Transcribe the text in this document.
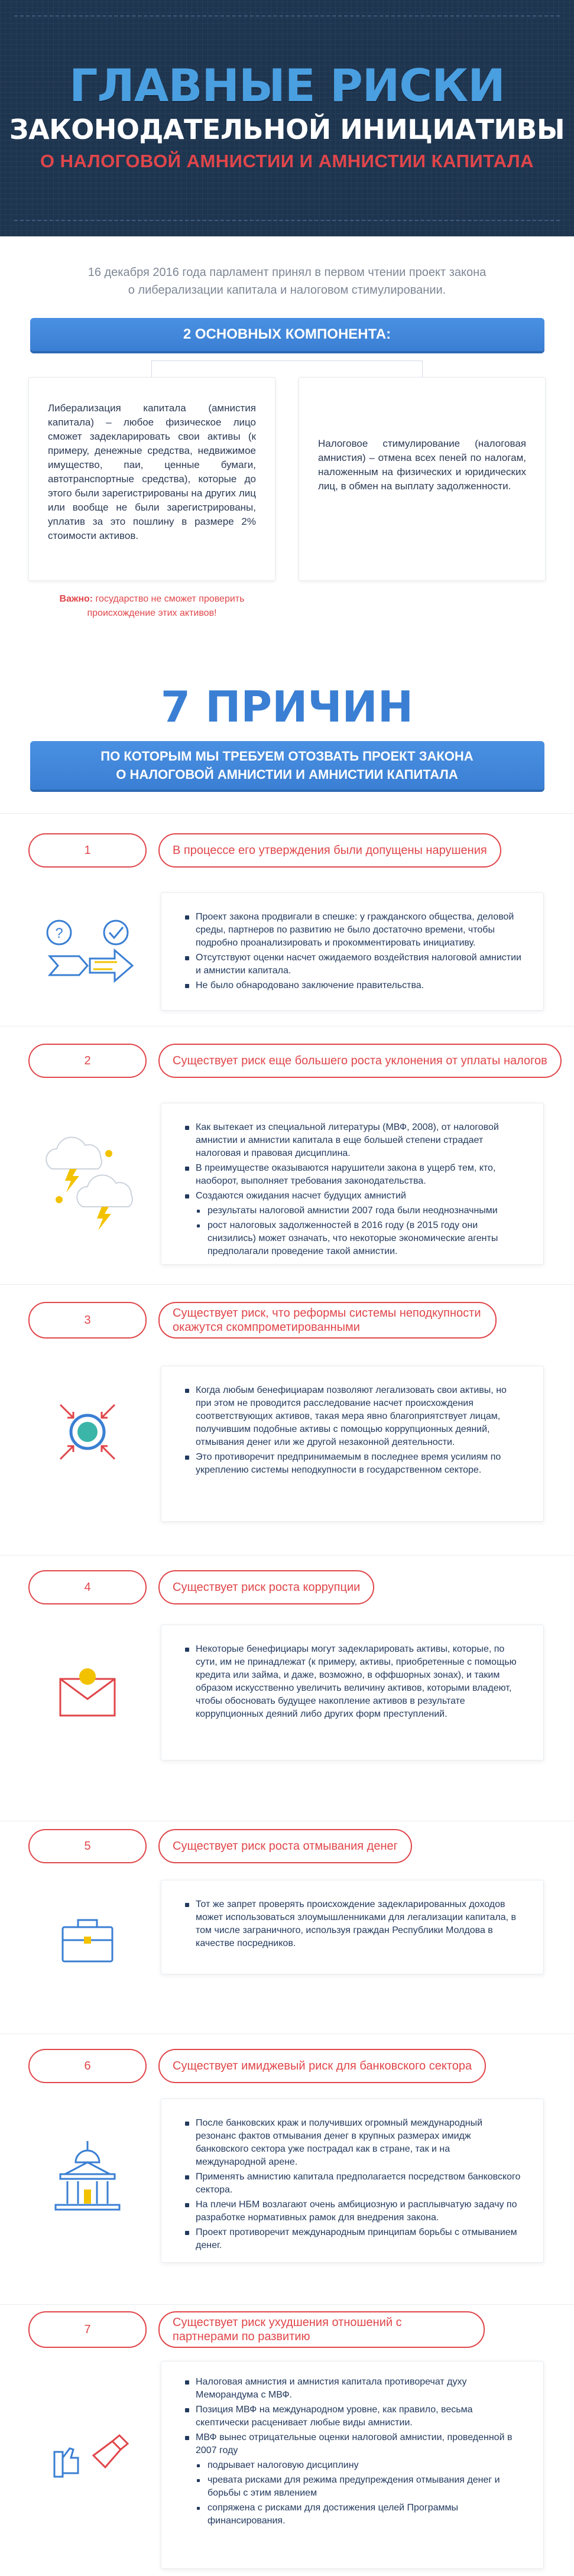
ГЛАВНЫЕ РИСКИ
ЗАКОНОДАТЕЛЬНОЙ ИНИЦИАТИВЫ
О НАЛОГОВОЙ АМНИСТИИ И АМНИСТИИ КАПИТАЛА

16 декабря 2016 года парламент принял в первом чтении проект закона

о либерализации капитала и налоговом стимулировании.

2 ОСНОВНЫХ КОМПОНЕНТА:

Либерализация капитала (амнистия капитала) – любое физическое лицо сможет задекларировать свои активы (к примеру, денежные средства, недвижимое имущество, паи, ценные бумаги, автотранспортные средства), которые до этого были зарегистрированы на других лиц или вообще не были зарегистрированы, уплатив за это пошлину в размере 2% стоимости активов.

Налоговое стимулирование (налоговая амнистия) – отмена всех пеней по налогам, наложенным на физических и юридических лиц, в обмен на выплату задолженности.

Важно: государство не сможет проверить происхождение этих активов!
7 ПРИЧИН
ПО КОТОРЫМ МЫ ТРЕБУЕМ ОТОЗВАТЬ ПРОЕКТ ЗАКОНА
О НАЛОГОВОЙ АМНИСТИИ И АМНИСТИИ КАПИТАЛА
1	В процессе его утверждения были допущены нарушения
?
Проект закона продвигали в спешке: у гражданского общества, деловой среды, партнеров по развитию не было достаточно времени, чтобы подробно проанализировать и прокомментировать инициативу.
Отсутствуют оценки насчет ожидаемого воздействия налоговой амнистии и амнистии капитала.
Не было обнародовано заключение правительства.
2	Существует риск еще большего роста уклонения от уплаты налогов
Как вытекает из специальной литературы (МВФ, 2008), от налоговой амнистии и амнистии капитала в еще большей степени страдает налоговая и правовая дисциплина.
В преимуществе оказываются нарушители закона в ущерб тем, кто, наоборот, выполняет требования законодательства.
Создаются ожидания насчет будущих амнистий
результаты налоговой амнистии 2007 года были неоднозначными
рост налоговых задолженностей в 2016 году (в 2015 году они снизились) может означать, что некоторые экономические агенты предполагали проведение такой амнистии.
3
Существует риск, что реформы системы неподкупности окажутся скомпрометированными
Когда любым бенефициарам позволяют легализовать свои активы, но при этом не проводится расследование насчет происхождения соответствующих активов, такая мера явно благоприятствует лицам, получившим подобные активы с помощью коррупционных деяний, отмывания денег или же другой незаконной деятельности.
Это противоречит предпринимаемым в последнее время усилиям по укреплению системы неподкупности в государственном секторе.
4	Существует риск роста коррупции
Некоторые бенефициары могут задекларировать активы, которые, по сути, им не принадлежат (к примеру, активы, приобретенные с помощью кредита или займа, и даже, возможно, в оффшорных зонах), и таким образом искусственно увеличить величину активов, которыми владеют, чтобы обосновать будущее накопление активов в результате коррупционных деяний либо других форм преступлений.
5	Существует риск роста отмывания денег
Тот же запрет проверять происхождение задекларированных доходов может использоваться злоумышленниками для легализации капитала, в том числе заграничного, используя граждан Республики Молдова в качестве посредников.
6	Существует имиджевый риск для банковского сектора
После банковских краж и получивших огромный международный резонанс фактов отмывания денег в крупных размерах имидж банковского сектора уже пострадал как в стране, так и на международной арене.
Применять амнистию капитала предполагается посредством банковского сектора.
На плечи НБМ возлагают очень амбициозную и расплывчатую задачу по разработке нормативных рамок для внедрения закона.
Проект противоречит международным принципам борьбы с отмыванием денег.
7
Существует риск ухудшения отношений с партнерами по развитию
Налоговая амнистия и амнистия капитала противоречат духу Меморандума с МВФ.
Позиция МВФ на международном уровне, как правило, весьма скептически расценивает любые виды амнистии.
МВФ вынес отрицательные оценки налоговой амнистии, проведенной в 2007 году
подрывает налоговую дисциплину
чревата рисками для режима предупреждения отмывания денег и борьбы с этим явлением
сопряжена с рисками для достижения целей Программы финансирования.
